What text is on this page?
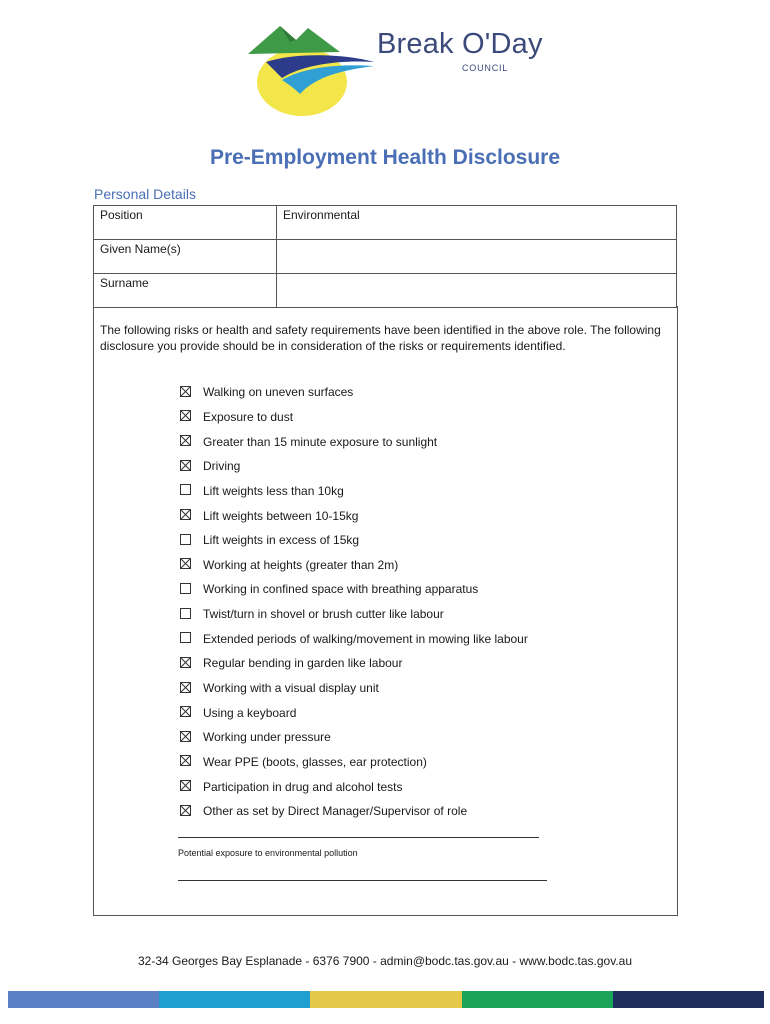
Break O'Day
COUNCIL
Pre-Employment Health Disclosure
Personal Details
Position	Environmental
Given Name(s)	
Surname	
The following risks or health and safety requirements have been identified in the above role. The following disclosure you provide should be in consideration of the risks or requirements identified.
Walking on uneven surfaces
Exposure to dust
Greater than 15 minute exposure to sunlight
Driving
Lift weights less than 10kg
Lift weights between 10-15kg
Lift weights in excess of 15kg
Working at heights (greater than 2m)
Working in confined space with breathing apparatus
Twist/turn in shovel or brush cutter like labour
Extended periods of walking/movement in mowing like labour
Regular bending in garden like labour
Working with a visual display unit
Using a keyboard
Working under pressure
Wear PPE (boots, glasses, ear protection)
Participation in drug and alcohol tests
Other as set by Direct Manager/Supervisor of role
Potential exposure to environmental pollution
32-34 Georges Bay Esplanade - 6376 7900 - admin@bodc.tas.gov.au - www.bodc.tas.gov.au
